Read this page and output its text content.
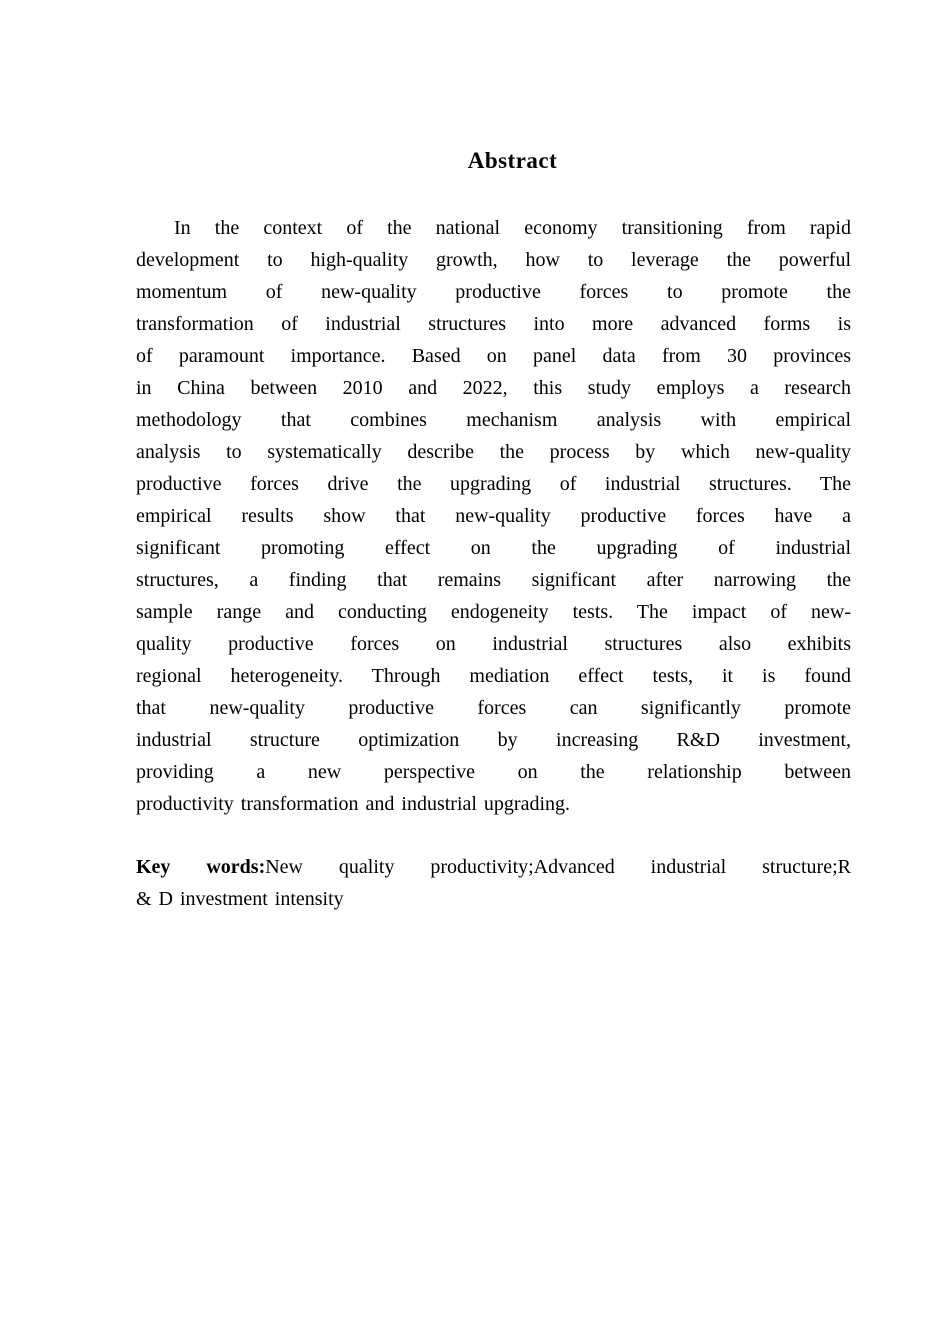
Abstract
In the context of the national economy transitioning from rapid
development to high-quality growth, how to leverage the powerful
momentum of new-quality productive forces to promote the
transformation of industrial structures into more advanced forms is
of paramount importance. Based on panel data from 30 provinces
in China between 2010 and 2022, this study employs a research
methodology that combines mechanism analysis with empirical
analysis to systematically describe the process by which new-quality
productive forces drive the upgrading of industrial structures. The
empirical results show that new-quality productive forces have a
significant promoting effect on the upgrading of industrial
structures, a finding that remains significant after narrowing the
sample range and conducting endogeneity tests. The impact of new-
quality productive forces on industrial structures also exhibits
regional heterogeneity. Through mediation effect tests, it is found
that new-quality productive forces can significantly promote
industrial structure optimization by increasing R&D investment,
providing a new perspective on the relationship between
productivity transformation and industrial upgrading.
Key words:New quality productivity;Advanced industrial structure;R
& D investment intensity
